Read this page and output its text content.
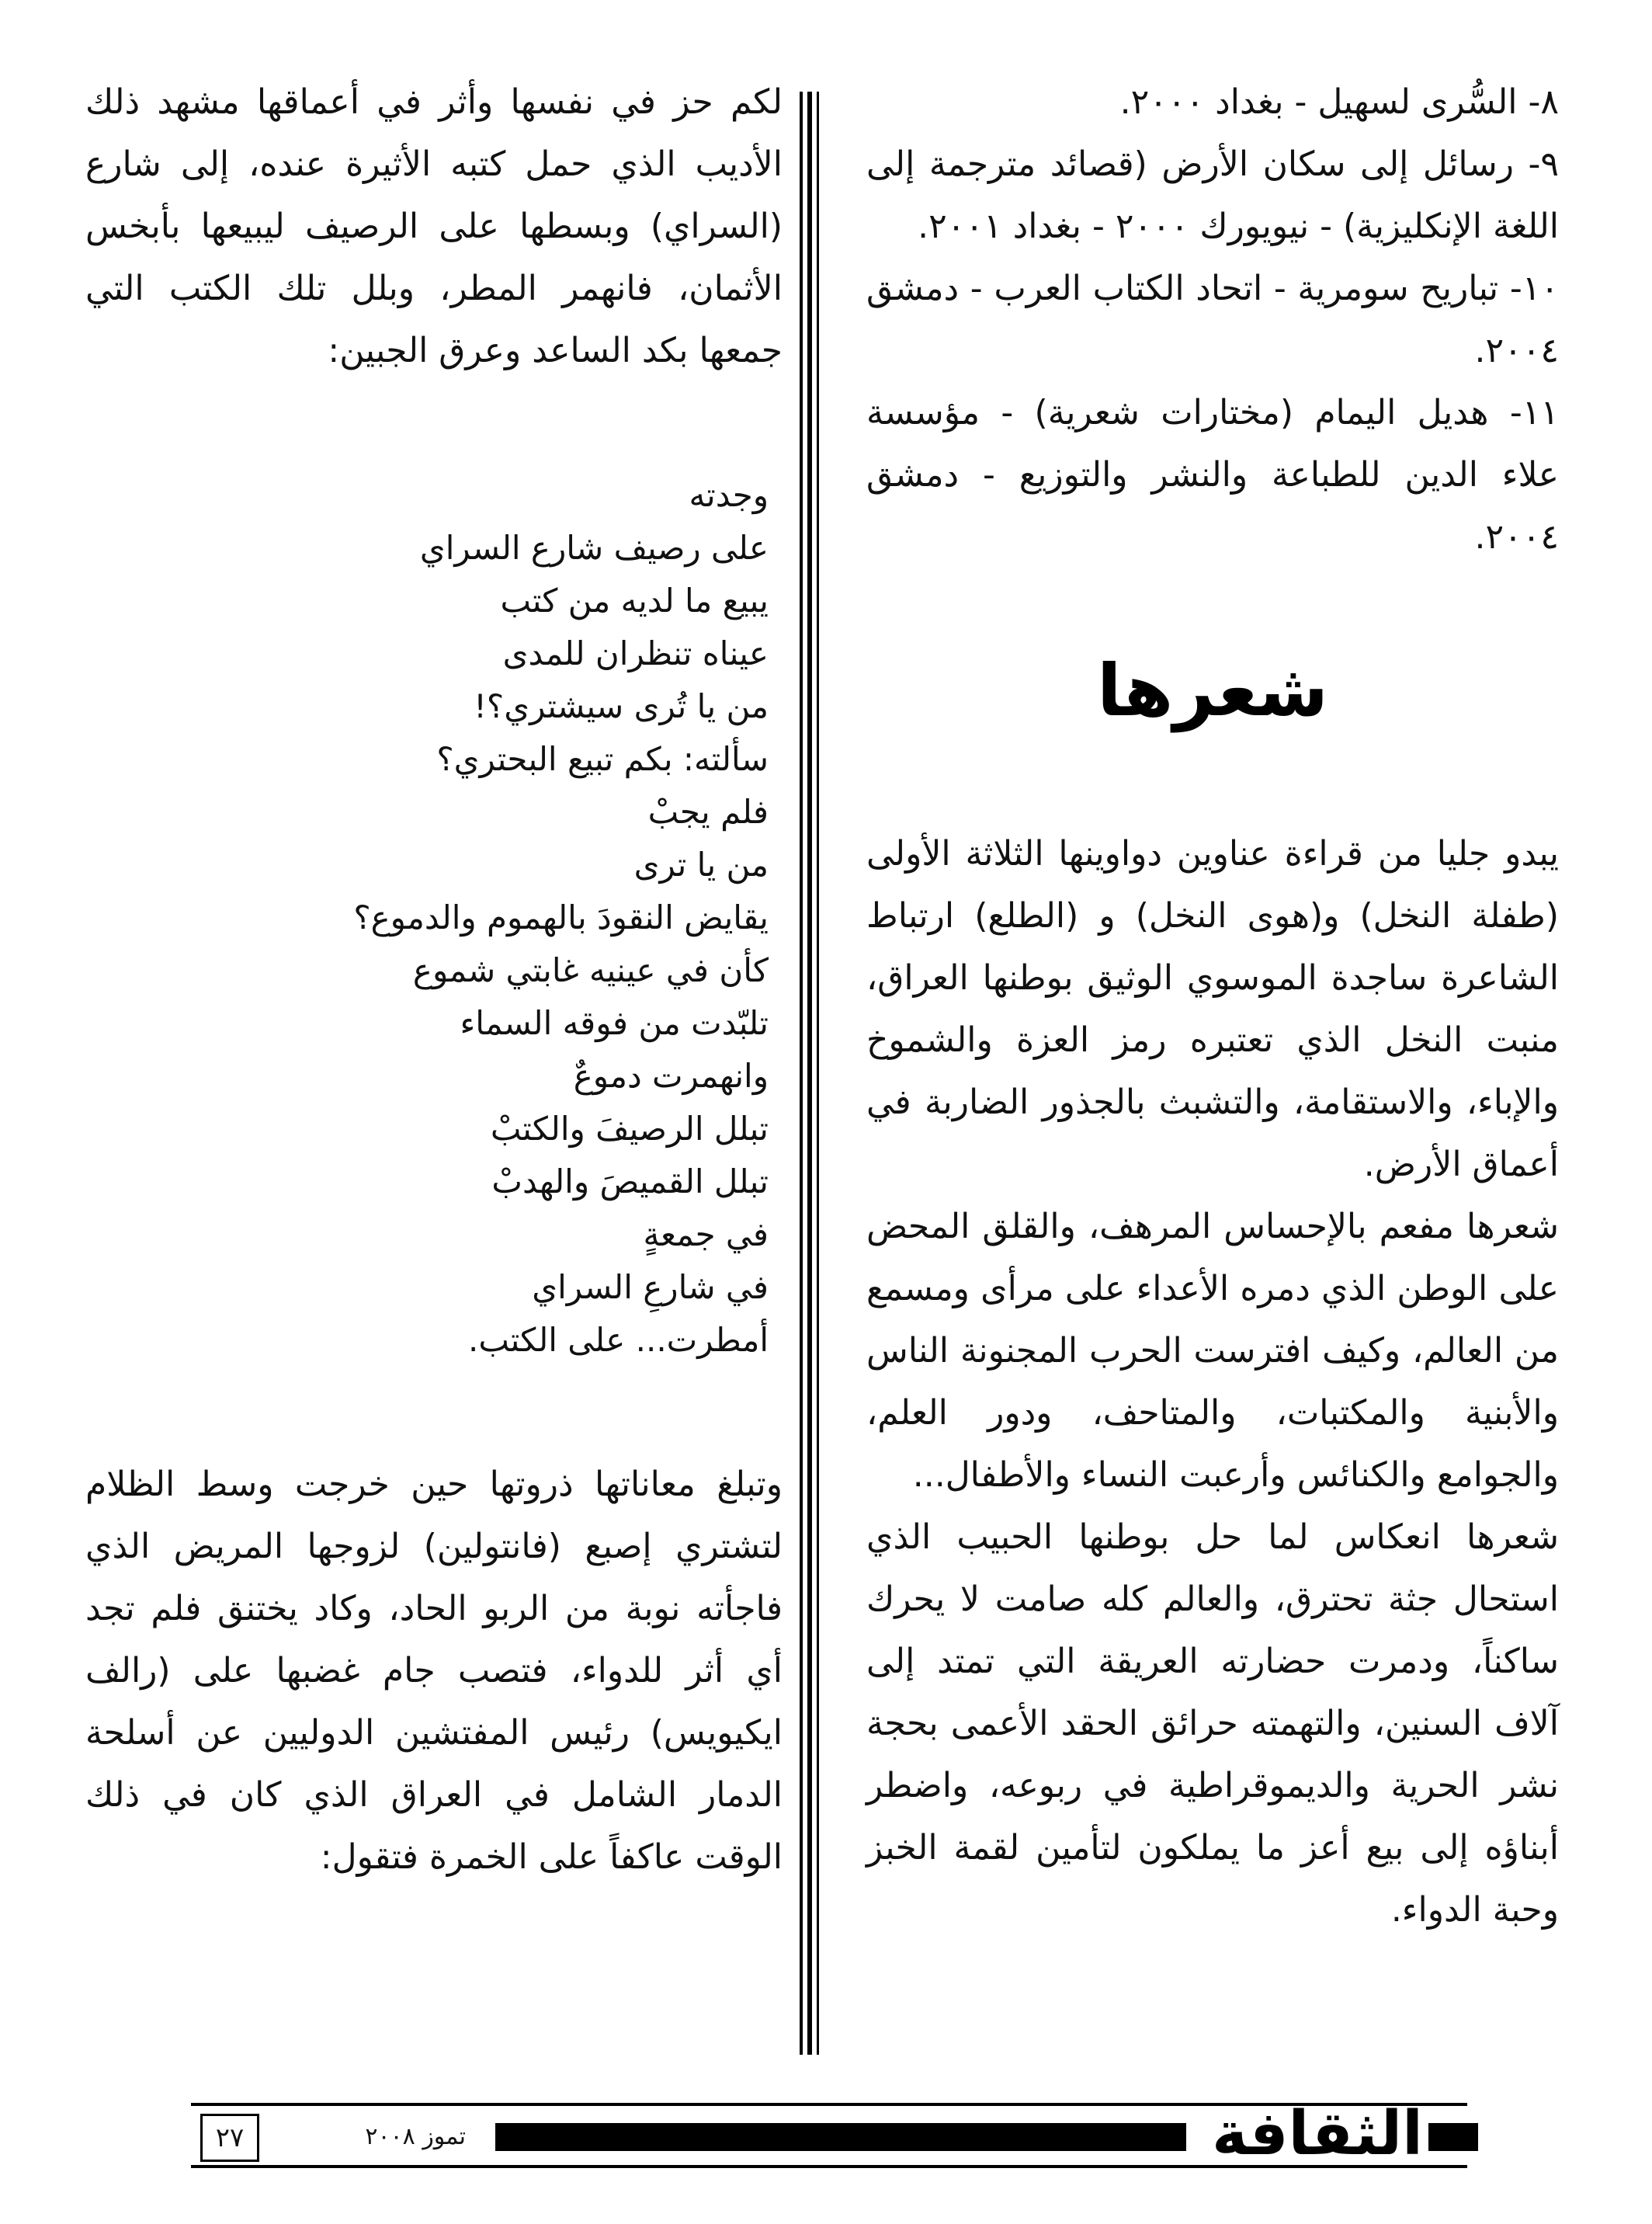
٨- السُّرى لسهيل - بغداد ٢٠٠٠.

٩- رسائل إلى سكان الأرض (قصائد مترجمة إلى اللغة الإنكليزية) - نيويورك ٢٠٠٠ - بغداد ٢٠٠١.

١٠- تباريح سومرية - اتحاد الكتاب العرب - دمشق ٢٠٠٤.

١١- هديل اليمام (مختارات شعرية) - مؤسسة علاء الدين للطباعة والنشر والتوزيع - دمشق ٢٠٠٤.

شعرها

يبدو جليا من قراءة عناوين دواوينها الثلاثة الأولى (طفلة النخل) و(هوى النخل) و (الطلع) ارتباط الشاعرة ساجدة الموسوي الوثيق بوطنها العراق، منبت النخل الذي تعتبره رمز العزة والشموخ والإباء، والاستقامة، والتشبث بالجذور الضاربة في أعماق الأرض.

شعرها مفعم بالإحساس المرهف، والقلق المحض على الوطن الذي دمره الأعداء على مرأى ومسمع من العالم، وكيف افترست الحرب المجنونة الناس والأبنية والمكتبات، والمتاحف، ودور العلم، والجوامع والكنائس وأرعبت النساء والأطفال...

شعرها انعكاس لما حل بوطنها الحبيب الذي استحال جثة تحترق، والعالم كله صامت لا يحرك ساكناً، ودمرت حضارته العريقة التي تمتد إلى آلاف السنين، والتهمته حرائق الحقد الأعمى بحجة نشر الحرية والديموقراطية في ربوعه، واضطر أبناؤه إلى بيع أعز ما يملكون لتأمين لقمة الخبز وحبة الدواء.

لكم حز في نفسها وأثر في أعماقها مشهد ذلك الأديب الذي حمل كتبه الأثيرة عنده، إلى شارع (السراي) وبسطها على الرصيف ليبيعها بأبخس الأثمان، فانهمر المطر، وبلل تلك الكتب التي جمعها بكد الساعد وعرق الجبين:

وجدته
على رصيف شارع السراي
يبيع ما لديه من كتب
عيناه تنظران للمدى
من يا تُرى سيشتري؟!
سألته: بكم تبيع البحتري؟
فلم يجبْ
من يا ترى
يقايض النقودَ بالهموم والدموع؟
كأن في عينيه غابتي شموع
تلبّدت من فوقه السماء
وانهمرت دموعٌ
تبلل الرصيفَ والكتبْ
تبلل القميصَ والهدبْ
في جمعةٍ
في شارعِ السراي
أمطرت... على الكتب.

وتبلغ معاناتها ذروتها حين خرجت وسط الظلام لتشتري إصبع (فانتولين) لزوجها المريض الذي فاجأته نوبة من الربو الحاد، وكاد يختنق فلم تجد أي أثر للدواء، فتصب جام غضبها على (رالف ايكيويس) رئيس المفتشين الدوليين عن أسلحة الدمار الشامل في العراق الذي كان في ذلك الوقت عاكفاً على الخمرة فتقول:

٢٧	تموز ٢٠٠٨	الثقافة
